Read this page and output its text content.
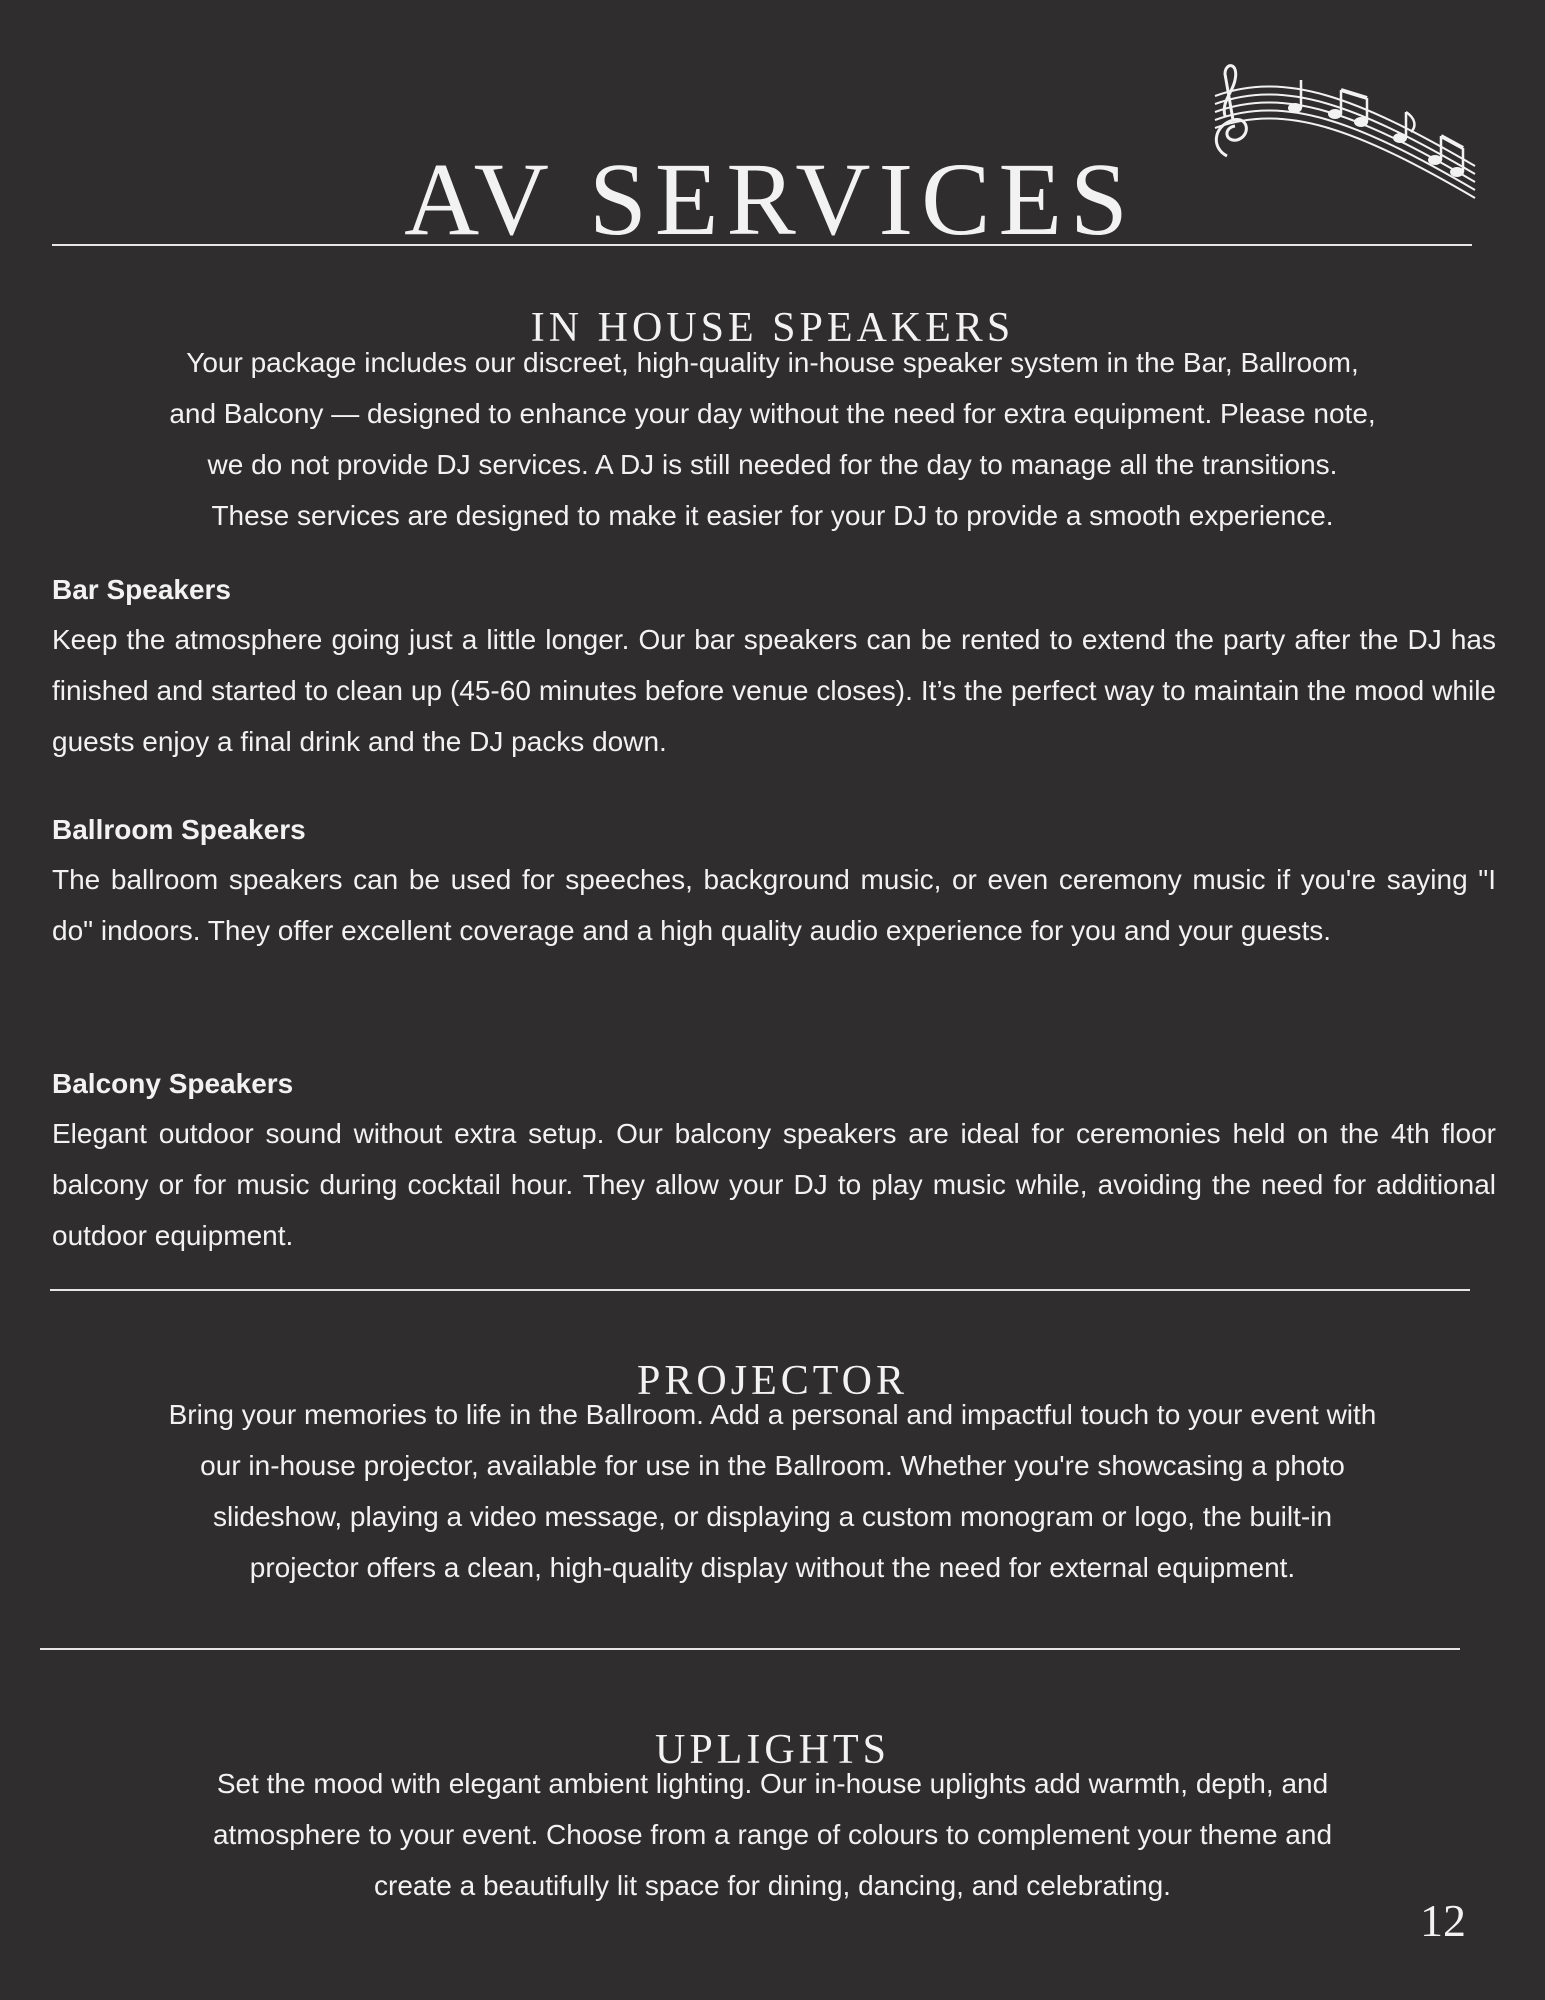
AV SERVICES
IN HOUSE SPEAKERS
Your package includes our discreet, high-quality in-house speaker system in the Bar, Ballroom,
and Balcony — designed to enhance your day without the need for extra equipment. Please note,
we do not provide DJ services. A DJ is still needed for the day to manage all the transitions.
These services are designed to make it easier for your DJ to provide a smooth experience.
Bar Speakers

Keep the atmosphere going just a little longer. Our bar speakers can be rented to extend the party after the DJ has finished and started to clean up (45-60 minutes before venue closes). It’s the perfect way to maintain the mood while guests enjoy a final drink and the DJ packs down.

Ballroom Speakers

The ballroom speakers can be used for speeches, background music, or even ceremony music if you're saying "I do" indoors. They offer excellent coverage and a high quality audio experience for you and your guests.

Balcony Speakers

Elegant outdoor sound without extra setup. Our balcony speakers are ideal for ceremonies held on the 4th floor balcony or for music during cocktail hour. They allow your DJ to play music while, avoiding the need for additional outdoor equipment.

PROJECTOR
Bring your memories to life in the Ballroom. Add a personal and impactful touch to your event with
our in-house projector, available for use in the Ballroom. Whether you're showcasing a photo
slideshow, playing a video message, or displaying a custom monogram or logo, the built-in
projector offers a clean, high-quality display without the need for external equipment.
UPLIGHTS
Set the mood with elegant ambient lighting. Our in-house uplights add warmth, depth, and
atmosphere to your event. Choose from a range of colours to complement your theme and
create a beautifully lit space for dining, dancing, and celebrating.
12
